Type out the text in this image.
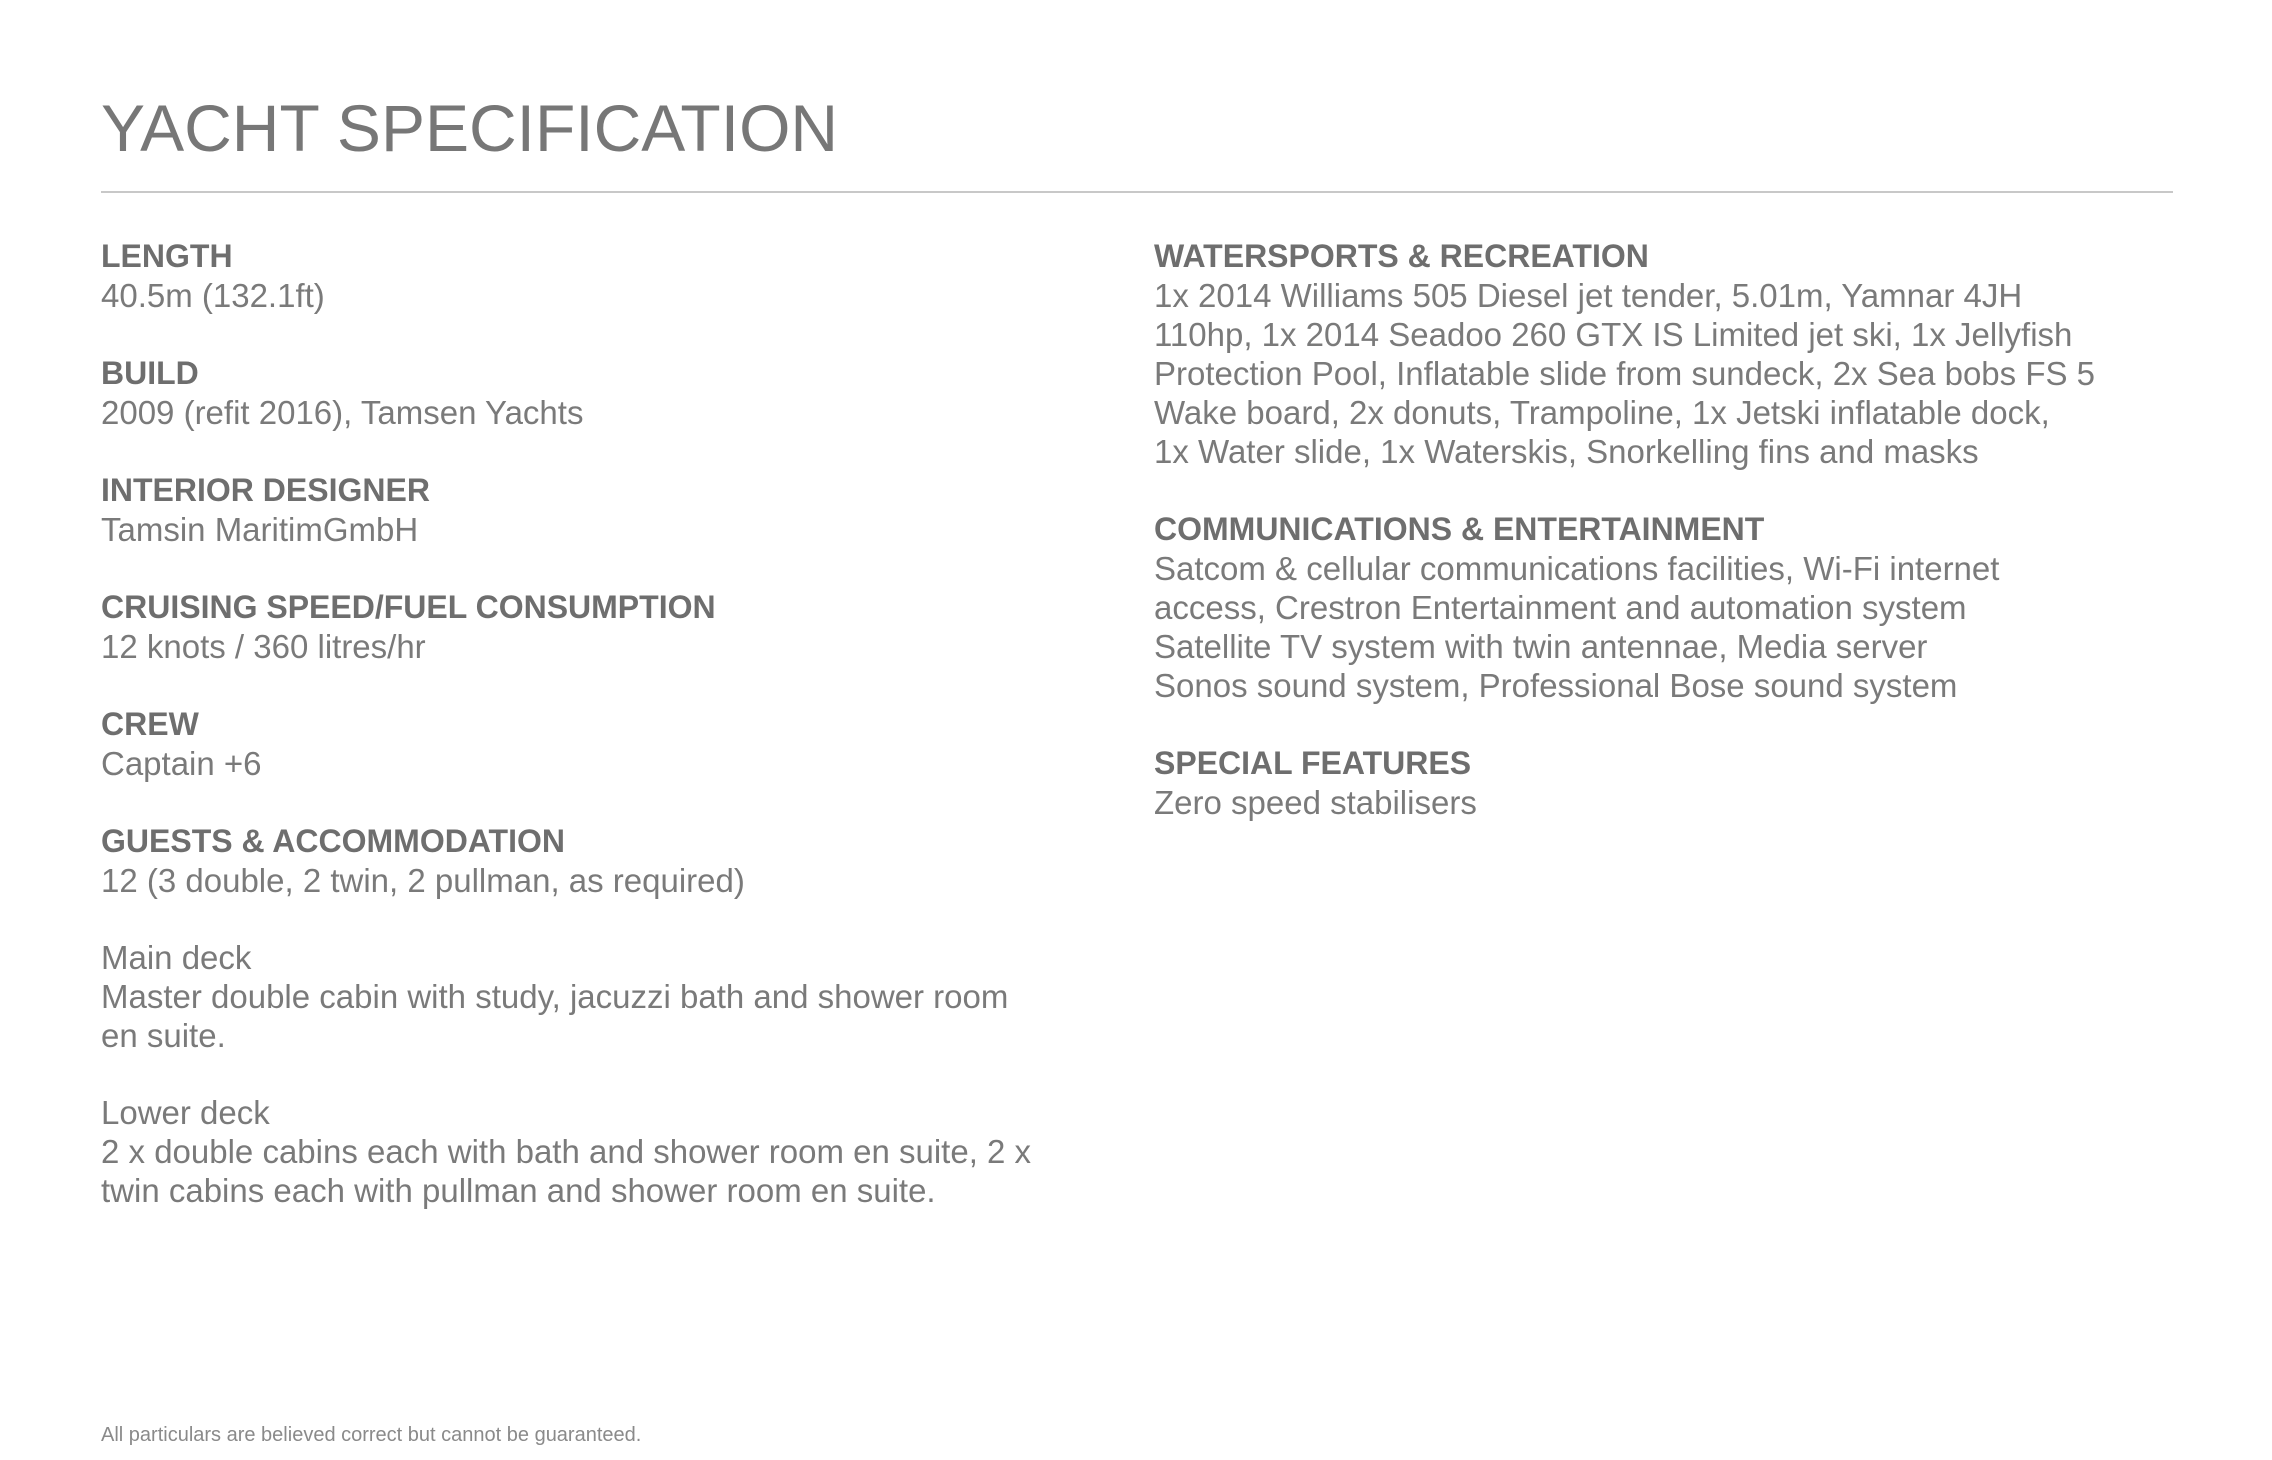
YACHT SPECIFICATION

LENGTH

40.5m (132.1ft)

BUILD

2009 (refit 2016), Tamsen Yachts

INTERIOR DESIGNER

Tamsin MaritimGmbH

CRUISING SPEED/FUEL CONSUMPTION

12 knots / 360 litres/hr

CREW

Captain +6

GUESTS & ACCOMMODATION

12 (3 double, 2 twin, 2 pullman, as required)

Main deck

Master double cabin with study, jacuzzi bath and shower room

en suite.

Lower deck

2 x double cabins each with bath and shower room en suite, 2 x

twin cabins each with pullman and shower room en suite.

WATERSPORTS & RECREATION

1x 2014 Williams 505 Diesel jet tender, 5.01m, Yamnar 4JH

110hp, 1x 2014 Seadoo 260 GTX IS Limited jet ski, 1x Jellyfish

Protection Pool, Inflatable slide from sundeck, 2x Sea bobs FS 5

Wake board, 2x donuts, Trampoline, 1x Jetski inflatable dock,

1x Water slide, 1x Waterskis, Snorkelling fins and masks

COMMUNICATIONS & ENTERTAINMENT

Satcom & cellular communications facilities, Wi-Fi internet

access, Crestron Entertainment and automation system

Satellite TV system with twin antennae, Media server

Sonos sound system, Professional Bose sound system

SPECIAL FEATURES

Zero speed stabilisers

All particulars are believed correct but cannot be guaranteed.
